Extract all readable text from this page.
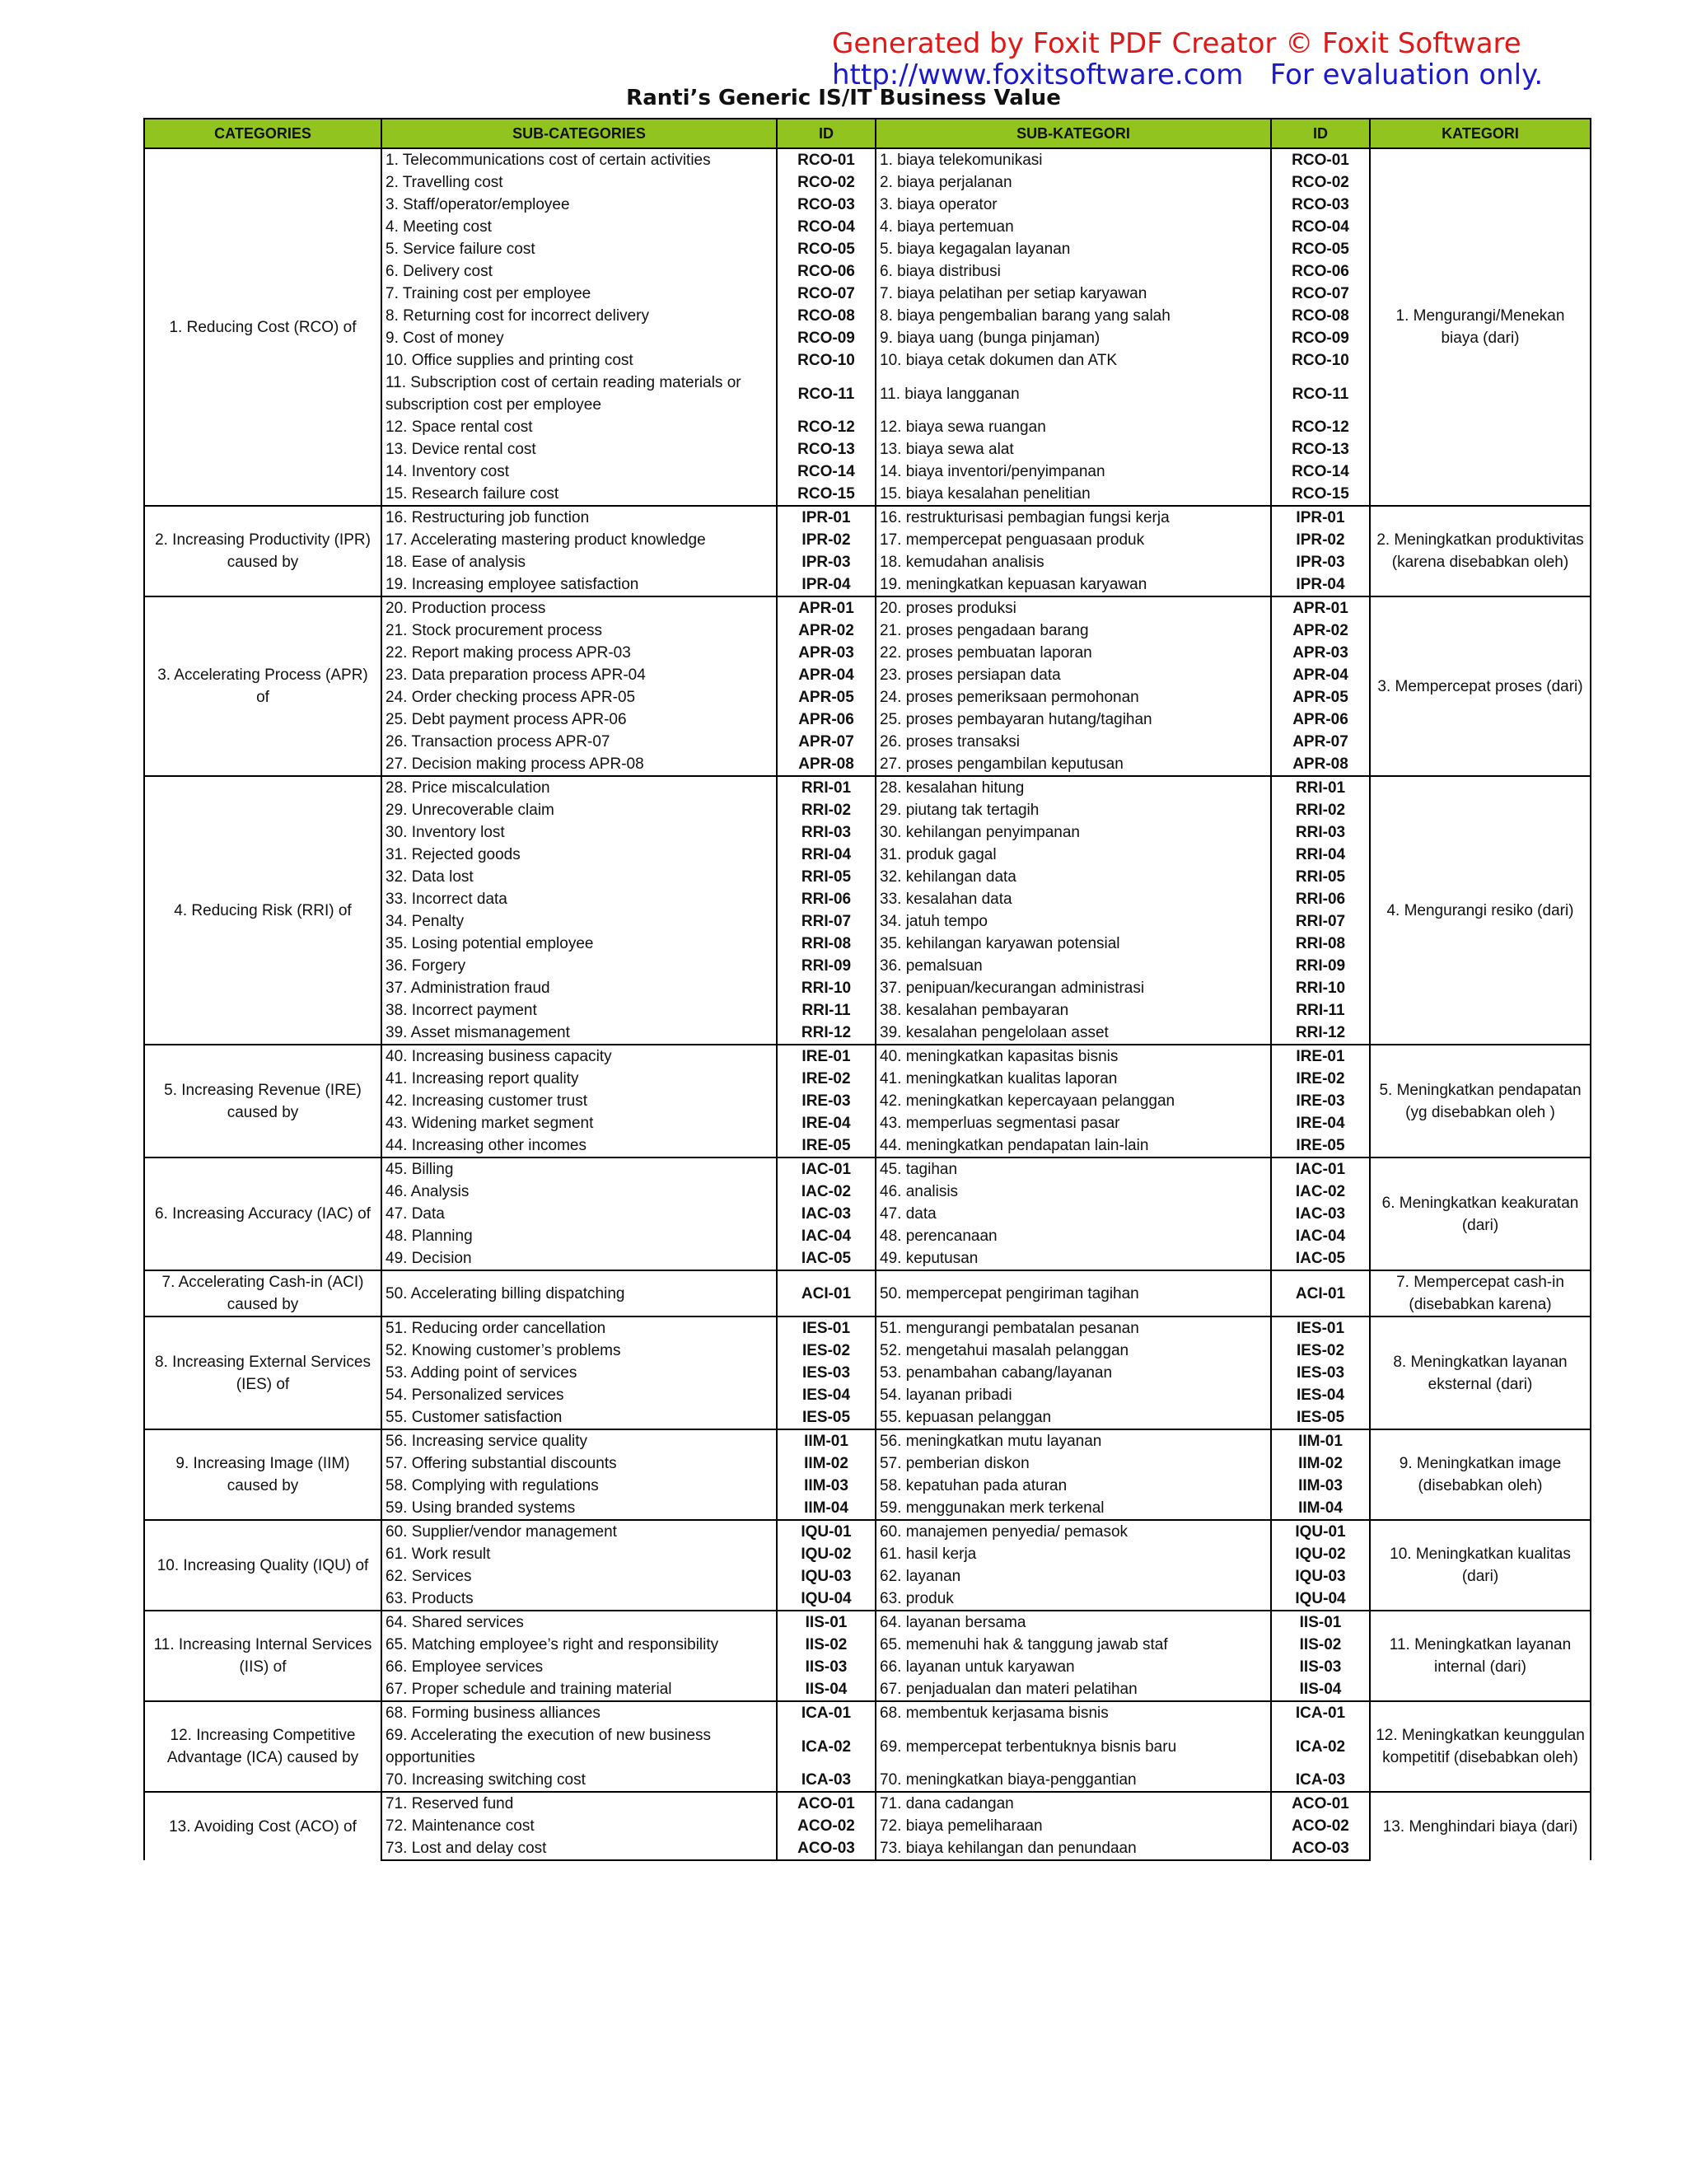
Generated by Foxit PDF Creator © Foxit Software
http://www.foxitsoftware.com   For evaluation only.
Ranti’s Generic IS/IT Business Value
CATEGORIES	SUB-CATEGORIES	ID	SUB-KATEGORI	ID	KATEGORI
1. Reducing Cost (RCO) of	1. Telecommunications cost of certain activities	RCO-01	1. biaya telekomunikasi	RCO-01	1. Mengurangi/Menekan biaya (dari)
	2. Travelling cost	RCO-02	2. biaya perjalanan	RCO-02	
	3. Staff/operator/employee	RCO-03	3. biaya operator	RCO-03	
	4. Meeting cost	RCO-04	4. biaya pertemuan	RCO-04	
	5. Service failure cost	RCO-05	5. biaya kegagalan layanan	RCO-05	
	6. Delivery cost	RCO-06	6. biaya distribusi	RCO-06	
	7. Training cost per employee	RCO-07	7. biaya pelatihan per setiap karyawan	RCO-07	
	8. Returning cost for incorrect delivery	RCO-08	8. biaya pengembalian barang yang salah	RCO-08	
	9. Cost of money	RCO-09	9. biaya uang (bunga pinjaman)	RCO-09	
	10. Office supplies and printing cost	RCO-10	10. biaya cetak dokumen dan ATK	RCO-10	
	11. Subscription cost of certain reading materials or subscription cost per employee	RCO-11	11. biaya langganan	RCO-11	
	12. Space rental cost	RCO-12	12. biaya sewa ruangan	RCO-12	
	13. Device rental cost	RCO-13	13. biaya sewa alat	RCO-13	
	14. Inventory cost	RCO-14	14. biaya inventori/penyimpanan	RCO-14	
	15. Research failure cost	RCO-15	15. biaya kesalahan penelitian	RCO-15	
2. Increasing Productivity (IPR) caused by	16. Restructuring job function	IPR-01	16. restrukturisasi pembagian fungsi kerja	IPR-01	2. Meningkatkan produktivitas (karena disebabkan oleh)
	17. Accelerating mastering product knowledge	IPR-02	17. mempercepat penguasaan produk	IPR-02	
	18. Ease of analysis	IPR-03	18. kemudahan analisis	IPR-03	
	19. Increasing employee satisfaction	IPR-04	19. meningkatkan kepuasan karyawan	IPR-04	
3. Accelerating Process (APR) of	20. Production process	APR-01	20. proses produksi	APR-01	3. Mempercepat proses (dari)
	21. Stock procurement process	APR-02	21. proses pengadaan barang	APR-02	
	22. Report making process APR-03	APR-03	22. proses pembuatan laporan	APR-03	
	23. Data preparation process APR-04	APR-04	23. proses persiapan data	APR-04	
	24. Order checking process APR-05	APR-05	24. proses pemeriksaan permohonan	APR-05	
	25. Debt payment process APR-06	APR-06	25. proses pembayaran hutang/tagihan	APR-06	
	26. Transaction process APR-07	APR-07	26. proses transaksi	APR-07	
	27. Decision making process APR-08	APR-08	27. proses pengambilan keputusan	APR-08	
4. Reducing Risk (RRI) of	28. Price miscalculation	RRI-01	28. kesalahan hitung	RRI-01	4. Mengurangi resiko (dari)
	29. Unrecoverable claim	RRI-02	29. piutang tak tertagih	RRI-02	
	30. Inventory lost	RRI-03	30. kehilangan penyimpanan	RRI-03	
	31. Rejected goods	RRI-04	31. produk gagal	RRI-04	
	32. Data lost	RRI-05	32. kehilangan data	RRI-05	
	33. Incorrect data	RRI-06	33. kesalahan data	RRI-06	
	34. Penalty	RRI-07	34. jatuh tempo	RRI-07	
	35. Losing potential employee	RRI-08	35. kehilangan karyawan potensial	RRI-08	
	36. Forgery	RRI-09	36. pemalsuan	RRI-09	
	37. Administration fraud	RRI-10	37. penipuan/kecurangan administrasi	RRI-10	
	38. Incorrect payment	RRI-11	38. kesalahan pembayaran	RRI-11	
	39. Asset mismanagement	RRI-12	39. kesalahan pengelolaan asset	RRI-12	
5. Increasing Revenue (IRE) caused by	40. Increasing business capacity	IRE-01	40. meningkatkan kapasitas bisnis	IRE-01	5. Meningkatkan pendapatan (yg disebabkan oleh )
	41. Increasing report quality	IRE-02	41. meningkatkan kualitas laporan	IRE-02	
	42. Increasing customer trust	IRE-03	42. meningkatkan kepercayaan pelanggan	IRE-03	
	43. Widening market segment	IRE-04	43. memperluas segmentasi pasar	IRE-04	
	44. Increasing other incomes	IRE-05	44. meningkatkan pendapatan lain-lain	IRE-05	
6. Increasing Accuracy (IAC) of	45. Billing	IAC-01	45. tagihan	IAC-01	6. Meningkatkan keakuratan (dari)
	46. Analysis	IAC-02	46. analisis	IAC-02	
	47. Data	IAC-03	47. data	IAC-03	
	48. Planning	IAC-04	48. perencanaan	IAC-04	
	49. Decision	IAC-05	49. keputusan	IAC-05	
7. Accelerating Cash-in (ACI) caused by	50. Accelerating billing dispatching	ACI-01	50. mempercepat pengiriman tagihan	ACI-01	7. Mempercepat cash-in (disebabkan karena)
8. Increasing External Services (IES) of	51. Reducing order cancellation	IES-01	51. mengurangi pembatalan pesanan	IES-01	8. Meningkatkan layanan eksternal (dari)
	52. Knowing customer’s problems	IES-02	52. mengetahui masalah pelanggan	IES-02	
	53. Adding point of services	IES-03	53. penambahan cabang/layanan	IES-03	
	54. Personalized services	IES-04	54. layanan pribadi	IES-04	
	55. Customer satisfaction	IES-05	55. kepuasan pelanggan	IES-05	
9. Increasing Image (IIM) caused by	56. Increasing service quality	IIM-01	56. meningkatkan mutu layanan	IIM-01	9. Meningkatkan image (disebabkan oleh)
	57. Offering substantial discounts	IIM-02	57. pemberian diskon	IIM-02	
	58. Complying with regulations	IIM-03	58. kepatuhan pada aturan	IIM-03	
	59. Using branded systems	IIM-04	59. menggunakan merk terkenal	IIM-04	
10. Increasing Quality (IQU) of	60. Supplier/vendor management	IQU-01	60. manajemen penyedia/ pemasok	IQU-01	10. Meningkatkan kualitas (dari)
	61. Work result	IQU-02	61. hasil kerja	IQU-02	
	62. Services	IQU-03	62. layanan	IQU-03	
	63. Products	IQU-04	63. produk	IQU-04	
11. Increasing Internal Services (IIS) of	64. Shared services	IIS-01	64. layanan bersama	IIS-01	11. Meningkatkan layanan internal (dari)
	65. Matching employee’s right and responsibility	IIS-02	65. memenuhi hak & tanggung jawab staf	IIS-02	
	66. Employee services	IIS-03	66. layanan untuk karyawan	IIS-03	
	67. Proper schedule and training material	IIS-04	67. penjadualan dan materi pelatihan	IIS-04	
12. Increasing Competitive Advantage (ICA) caused by	68. Forming business alliances	ICA-01	68. membentuk kerjasama bisnis	ICA-01	12. Meningkatkan keunggulan kompetitif (disebabkan oleh)
	69. Accelerating the execution of new business opportunities	ICA-02	69. mempercepat terbentuknya bisnis baru	ICA-02	
	70. Increasing switching cost	ICA-03	70. meningkatkan biaya-penggantian	ICA-03	
13. Avoiding Cost (ACO) of	71. Reserved fund	ACO-01	71. dana cadangan	ACO-01	13. Menghindari biaya (dari)
	72. Maintenance cost	ACO-02	72. biaya pemeliharaan	ACO-02	
	73. Lost and delay cost	ACO-03	73. biaya kehilangan dan penundaan	ACO-03	
